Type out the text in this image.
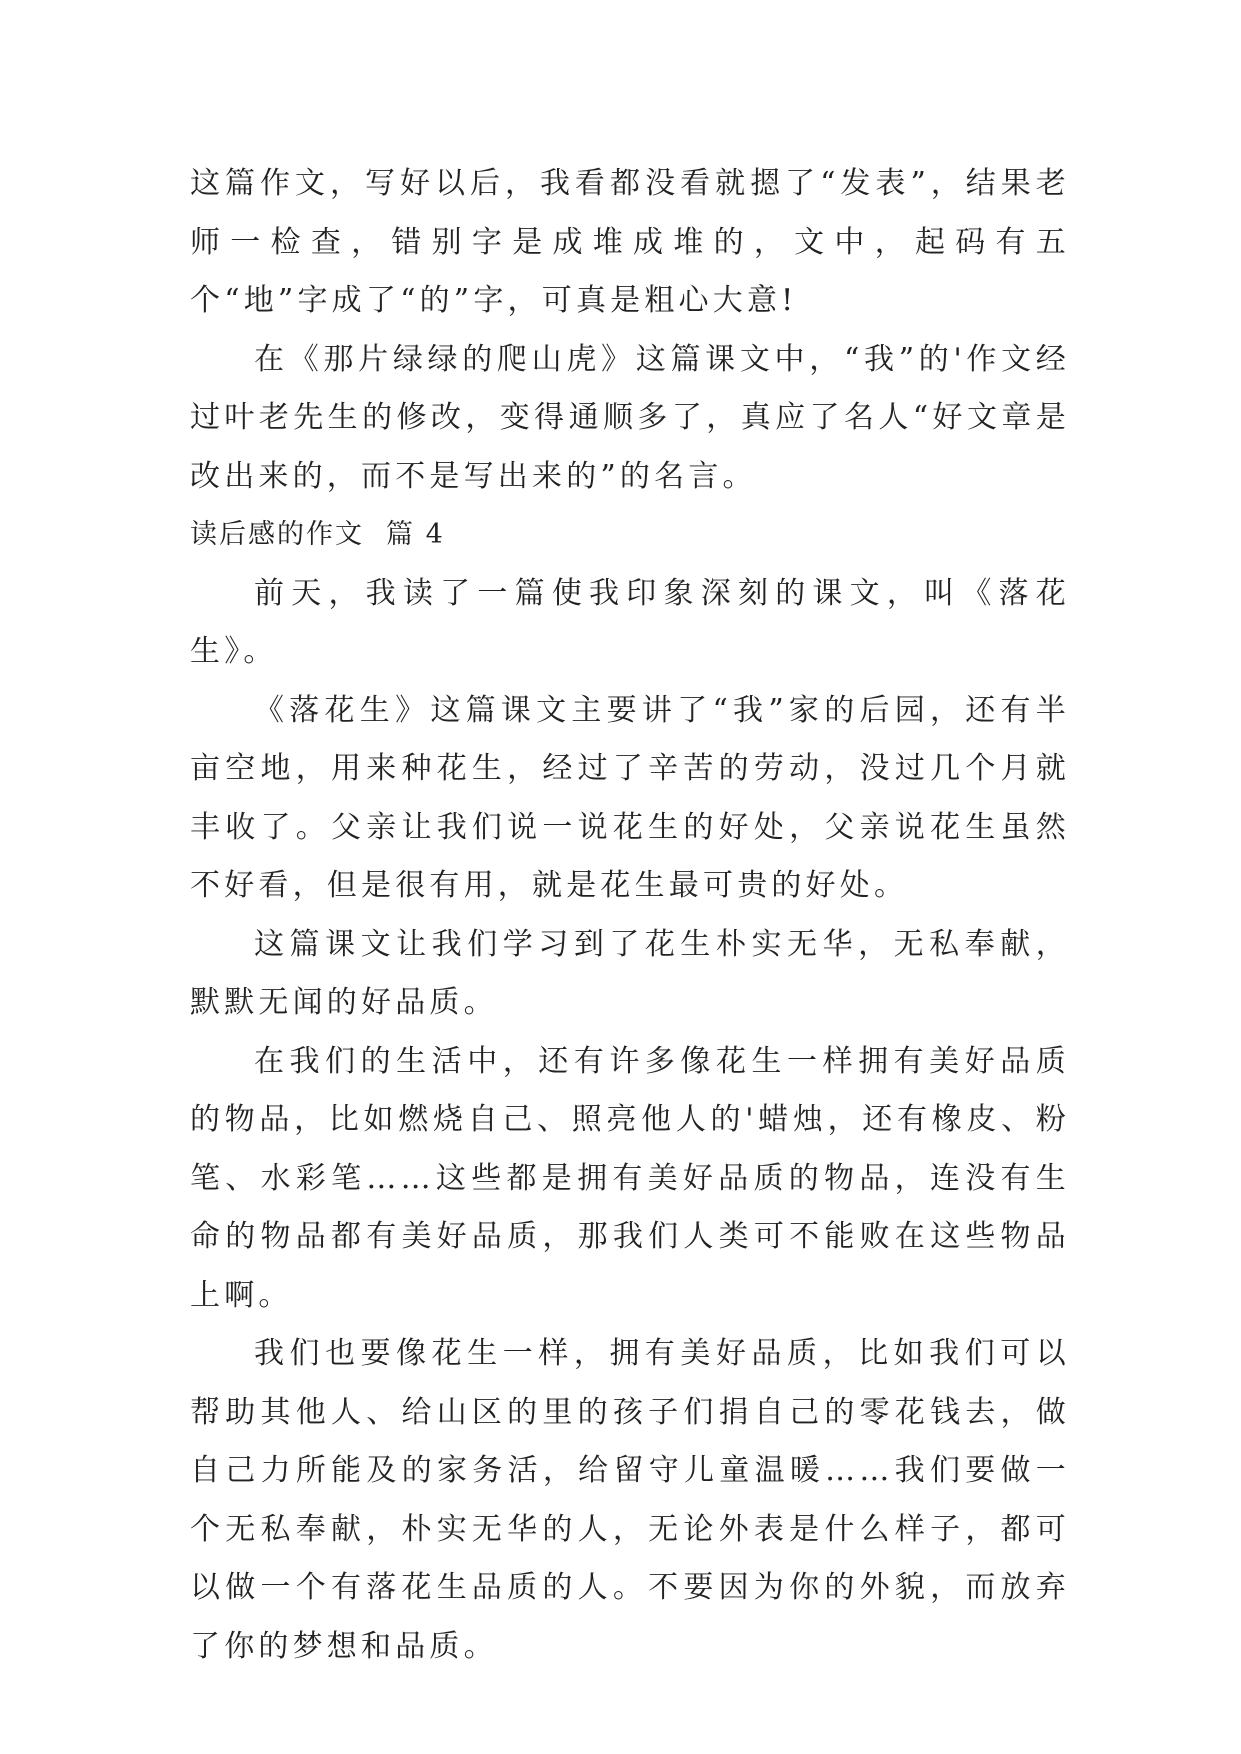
这篇作文，写好以后，我看都没看就摁了“发表”，结果老师一检查，错别字是成堆成堆的，文中，起码有五个“地”字成了“的”字，可真是粗心大意!

在《那片绿绿的爬山虎》这篇课文中，“我”的'作文经过叶老先生的修改，变得通顺多了，真应了名人“好文章是改出来的，而不是写出来的”的名言。

读后感的作文 篇 4

前天，我读了一篇使我印象深刻的课文，叫《落花生》。

《落花生》这篇课文主要讲了“我”家的后园，还有半亩空地，用来种花生，经过了辛苦的劳动，没过几个月就丰收了。父亲让我们说一说花生的好处，父亲说花生虽然不好看，但是很有用，就是花生最可贵的好处。

这篇课文让我们学习到了花生朴实无华，无私奉献，默默无闻的好品质。

在我们的生活中，还有许多像花生一样拥有美好品质的物品，比如燃烧自己、照亮他人的'蜡烛，还有橡皮、粉笔、水彩笔……这些都是拥有美好品质的物品，连没有生命的物品都有美好品质，那我们人类可不能败在这些物品上啊。

我们也要像花生一样，拥有美好品质，比如我们可以帮助其他人、给山区的里的孩子们捐自己的零花钱去，做自己力所能及的家务活，给留守儿童温暖……我们要做一个无私奉献，朴实无华的人，无论外表是什么样子，都可以做一个有落花生品质的人。不要因为你的外貌，而放弃了你的梦想和品质。
